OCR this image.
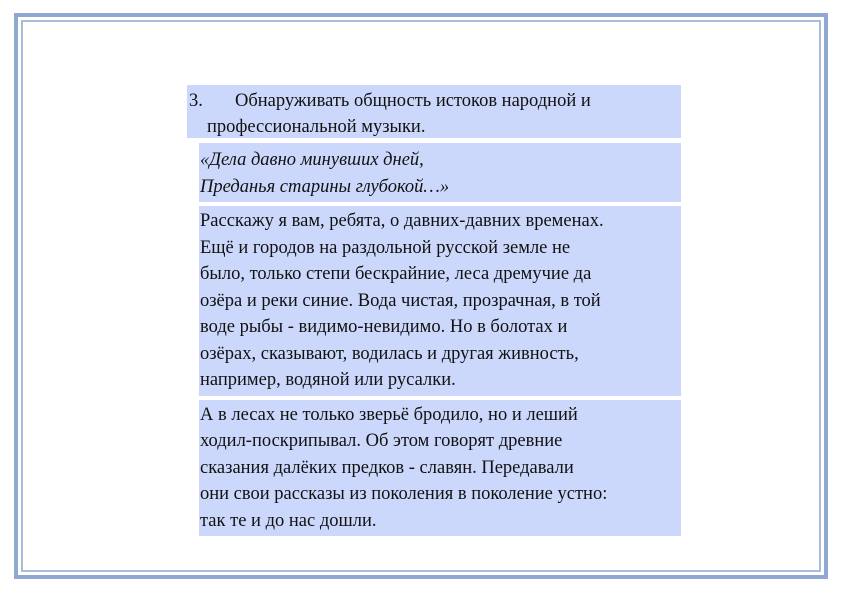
3. Обнаруживать общность истоков народной и
профессиональной музыки.
«Дела давно минувших дней,
Преданья старины глубокой…»
Расскажу я вам, ребята, о давних-давних временах.
Ещё и городов на раздольной русской земле не
было, только степи бескрайние, леса дремучие да
озёра и реки синие. Вода чистая, прозрачная, в той
воде рыбы - видимо-невидимо. Но в болотах и
озёрах, сказывают, водилась и другая живность,
например, водяной или русалки.
А в лесах не только зверьё бродило, но и леший
ходил-поскрипывал. Об этом говорят древние
сказания далёких предков - славян. Передавали
они свои рассказы из поколения в поколение устно:
так те и до нас дошли.
